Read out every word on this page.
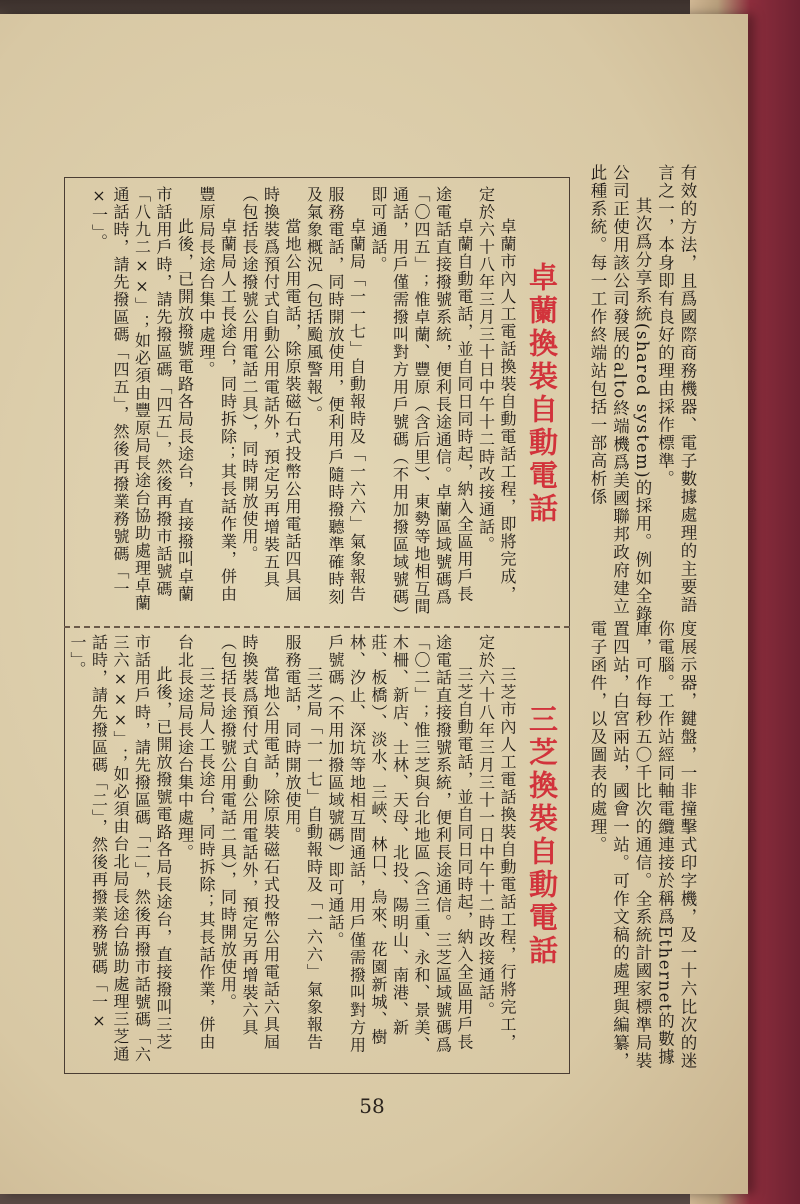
有效的方法，且爲國際商務機器、電子數據處理的主要語言之一，本身即有良好的理由採作標準。

其次爲分享系統(shared system)的採用。例如全錄公司正使用該公司發展的alto終端機爲美國聯邦政府建立此種系統。每一工作終端站包括一部高析係

度展示器，鍵盤，一非撞擊式印字機，及一十六比次的迷你電腦。工作站經同軸電纜連接於稱爲Ethernet的數據庫，可作每秒五〇千比次的通信。全系統計國家標準局裝置四站，白宮兩站，國會一站。可作文稿的處理與編纂，電子函件，以及圖表的處理。

卓蘭換裝自動電話

卓蘭市內人工電話換裝自動電話工程，即將完成，定於六十八年三月三十日中午十二時改接通話。

卓蘭自動電話，並自同日同時起，納入全區用戶長途電話直接撥號系統，便利長途通信。卓蘭區域號碼爲「〇四五」；惟卓蘭、豐原（含后里）、東勢等地相互間通話，用戶僅需撥叫對方用戶號碼（不用加撥區域號碼）即可通話。

卓蘭局「一一七」自動報時及「一六六」氣象報告服務電話，同時開放使用，便利用戶隨時撥聽準確時刻及氣象概況（包括颱風警報）。

當地公用電話，除原裝磁石式投幣公用電話四具屆時換裝爲預付式自動公用電話外，預定另再增裝五具（包括長途撥號公用電話二具），同時開放使用。

卓蘭局人工長途台，同時拆除；其長話作業，併由豐原局長途台集中處理。

此後，已開放撥號電路各局長途台，直接撥叫卓蘭市話用戶時，請先撥區碼「四五」，然後再撥市話號碼「八九二××」；如必須由豐原局長途台協助處理卓蘭通話時，請先撥區碼「四五」，然後再撥業務號碼「一×一」。

三芝換裝自動電話

三芝市內人工電話換裝自動電話工程，行將完工，定於六十八年三月三十一日中午十二時改接通話。

三芝自動電話，並自同日同時起，納入全區用戶長途電話直接撥號系統，便利長途通信。三芝區域號碼爲「〇二」；惟三芝與台北地區（含三重、永和、景美、木柵、新店、士林、天母、北投、陽明山、南港、新莊、板橋）、淡水、三峽、林口、烏來、花園新城、樹林、汐止、深坑等地相互間通話，用戶僅需撥叫對方用戶號碼（不用加撥區域號碼）即可通話。

三芝局「一一七」自動報時及「一六六」氣象報告服務電話，同時開放使用。

當地公用電話，除原裝磁石式投幣公用電話六具屆時換裝爲預付式自動公用電話外，預定另再增裝六具（包括長途撥號公用電話二具），同時開放使用。

三芝局人工長途台，同時拆除；其長話作業，併由台北長途局長途台集中處理。

此後，已開放撥號電路各局長途台，直接撥叫三芝市話用戶時，請先撥區碼「二」，然後再撥市話號碼「六三六×××」；如必須由台北局長途台協助處理三芝通話時，請先撥區碼「二」，然後再撥業務號碼「一×一」。

58
